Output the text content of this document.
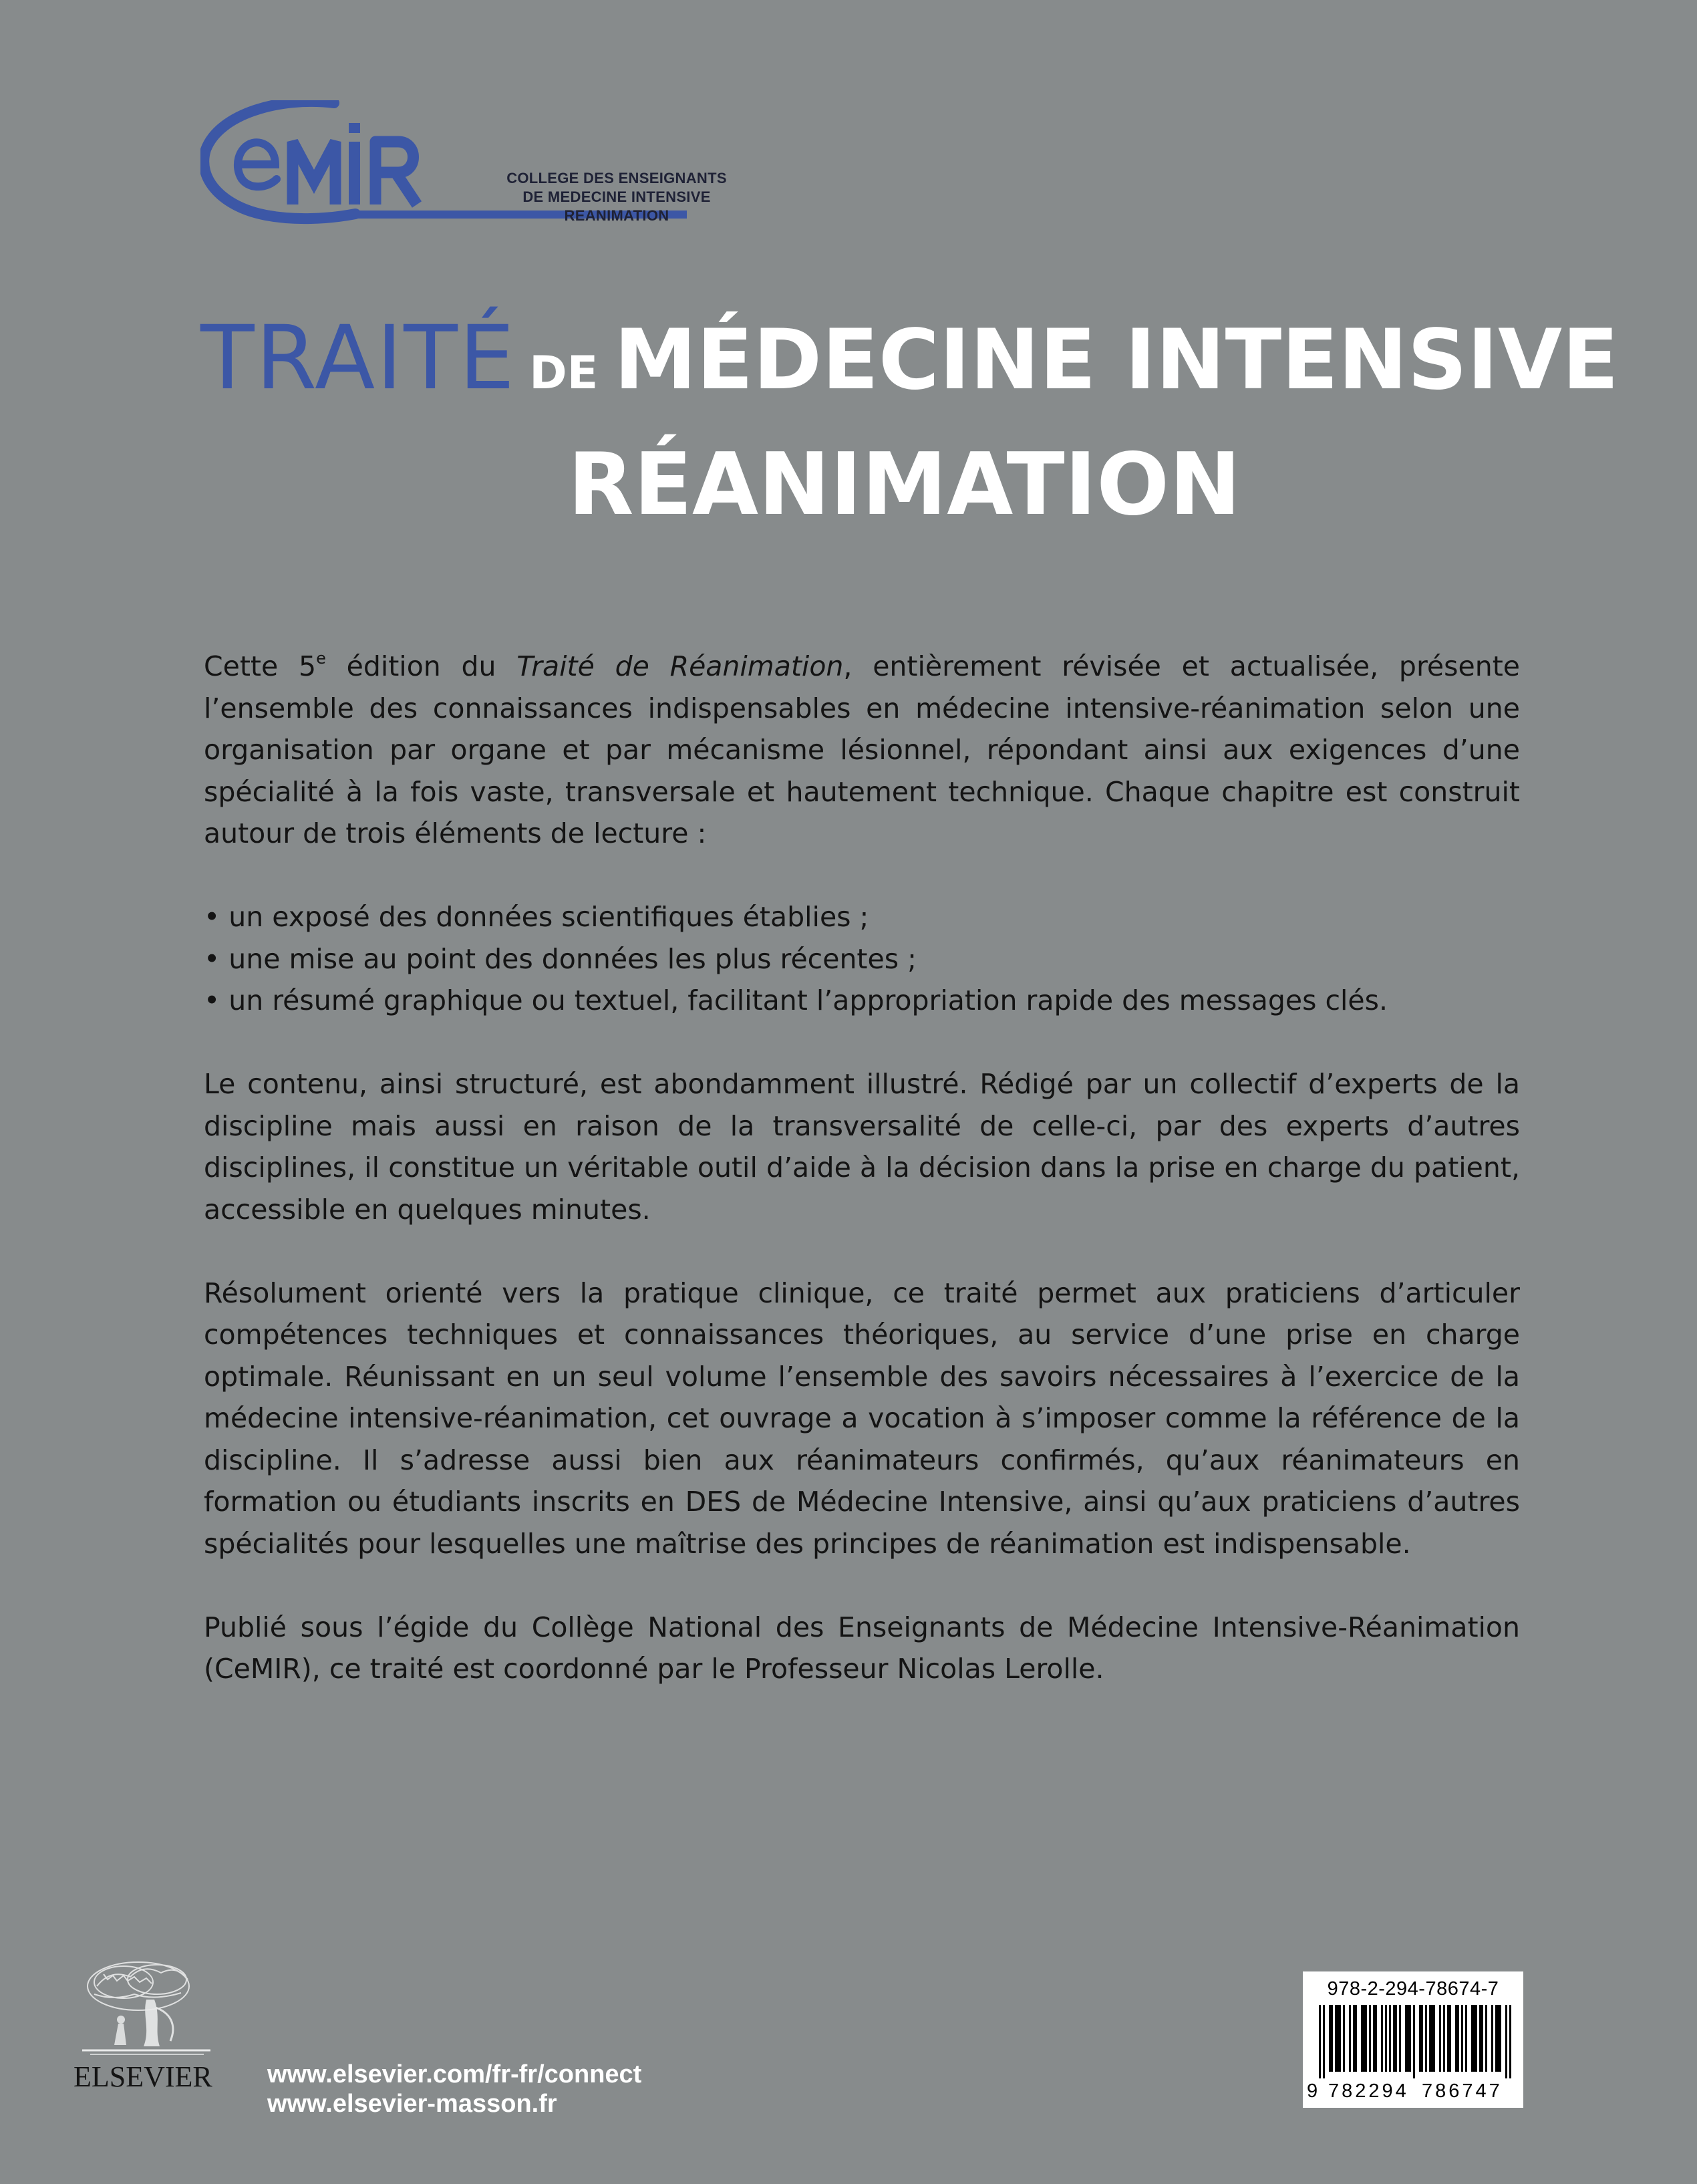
COLLEGE DES ENSEIGNANTS
DE MEDECINE INTENSIVE
REANIMATION
TRAITÉ DE MÉDECINE INTENSIVE
RÉANIMATION

Cette 5e édition du Traité de Réanimation, entièrement révisée et actualisée, présente l’ensemble des connaissances indispensables en médecine intensive-réanimation selon une organisation par organe et par mécanisme lésionnel, répondant ainsi aux exigences d’une spécialité à la fois vaste, transversale et hautement technique. Chaque chapitre est construit autour de trois éléments de lecture :

• un exposé des données scientifiques établies ;
• une mise au point des données les plus récentes ;
• un résumé graphique ou textuel, facilitant l’appropriation rapide des messages clés.

Le contenu, ainsi structuré, est abondamment illustré. Rédigé par un collectif d’experts de la discipline mais aussi en raison de la transversalité de celle-ci, par des experts d’autres disciplines, il constitue un véritable outil d’aide à la décision dans la prise en charge du patient, accessible en quelques minutes.

Résolument orienté vers la pratique clinique, ce traité permet aux praticiens d’articuler compétences techniques et connaissances théoriques, au service d’une prise en charge optimale. Réunissant en un seul volume l’ensemble des savoirs nécessaires à l’exercice de la médecine intensive-réanimation, cet ouvrage a vocation à s’imposer comme la référence de la discipline. Il s’adresse aussi bien aux réanimateurs confirmés, qu’aux réanimateurs en formation ou étudiants inscrits en DES de Médecine Intensive, ainsi qu’aux praticiens d’autres spécialités pour lesquelles une maîtrise des principes de réanimation est indispensable.

Publié sous l’égide du Collège National des Enseignants de Médecine Intensive-Réanimation (CeMIR), ce traité est coordonné par le Professeur Nicolas Lerolle.

ELSEVIER	www.elsevier.com/fr-fr/connect
www.elsevier-masson.fr
978-2-294-78674-7
9 782294 786747
